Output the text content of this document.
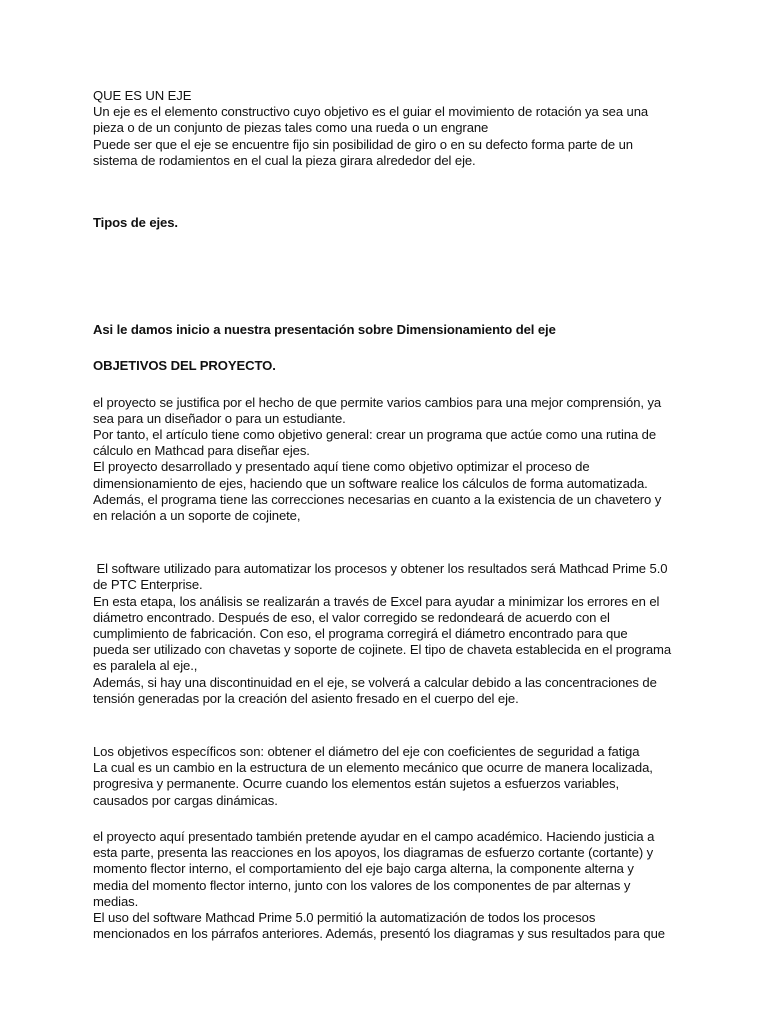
QUE ES UN EJE
Un eje es el elemento constructivo cuyo objetivo es el guiar el movimiento de rotación ya sea una
pieza o de un conjunto de piezas tales como una rueda o un engrane
Puede ser que el eje se encuentre fijo sin posibilidad de giro o en su defecto forma parte de un
sistema de rodamientos en el cual la pieza girara alrededor del eje.
Tipos de ejes.
Asi le damos inicio a nuestra presentación sobre Dimensionamiento del eje
OBJETIVOS DEL PROYECTO.
el proyecto se justifica por el hecho de que permite varios cambios para una mejor comprensión, ya
sea para un diseñador o para un estudiante.
Por tanto, el artículo tiene como objetivo general: crear un programa que actúe como una rutina de
cálculo en Mathcad para diseñar ejes.
El proyecto desarrollado y presentado aquí tiene como objetivo optimizar el proceso de
dimensionamiento de ejes, haciendo que un software realice los cálculos de forma automatizada.
Además, el programa tiene las correcciones necesarias en cuanto a la existencia de un chavetero y
en relación a un soporte de cojinete,
El software utilizado para automatizar los procesos y obtener los resultados será Mathcad Prime 5.0
de PTC Enterprise.
En esta etapa, los análisis se realizarán a través de Excel para ayudar a minimizar los errores en el
diámetro encontrado. Después de eso, el valor corregido se redondeará de acuerdo con el
cumplimiento de fabricación. Con eso, el programa corregirá el diámetro encontrado para que
pueda ser utilizado con chavetas y soporte de cojinete. El tipo de chaveta establecida en el programa
es paralela al eje.,
Además, si hay una discontinuidad en el eje, se volverá a calcular debido a las concentraciones de
tensión generadas por la creación del asiento fresado en el cuerpo del eje.
Los objetivos específicos son: obtener el diámetro del eje con coeficientes de seguridad a fatiga
La cual es un cambio en la estructura de un elemento mecánico que ocurre de manera localizada,
progresiva y permanente. Ocurre cuando los elementos están sujetos a esfuerzos variables,
causados por cargas dinámicas.
el proyecto aquí presentado también pretende ayudar en el campo académico. Haciendo justicia a
esta parte, presenta las reacciones en los apoyos, los diagramas de esfuerzo cortante (cortante) y
momento flector interno, el comportamiento del eje bajo carga alterna, la componente alterna y
media del momento flector interno, junto con los valores de los componentes de par alternas y
medias.
El uso del software Mathcad Prime 5.0 permitió la automatización de todos los procesos
mencionados en los párrafos anteriores. Además, presentó los diagramas y sus resultados para que
